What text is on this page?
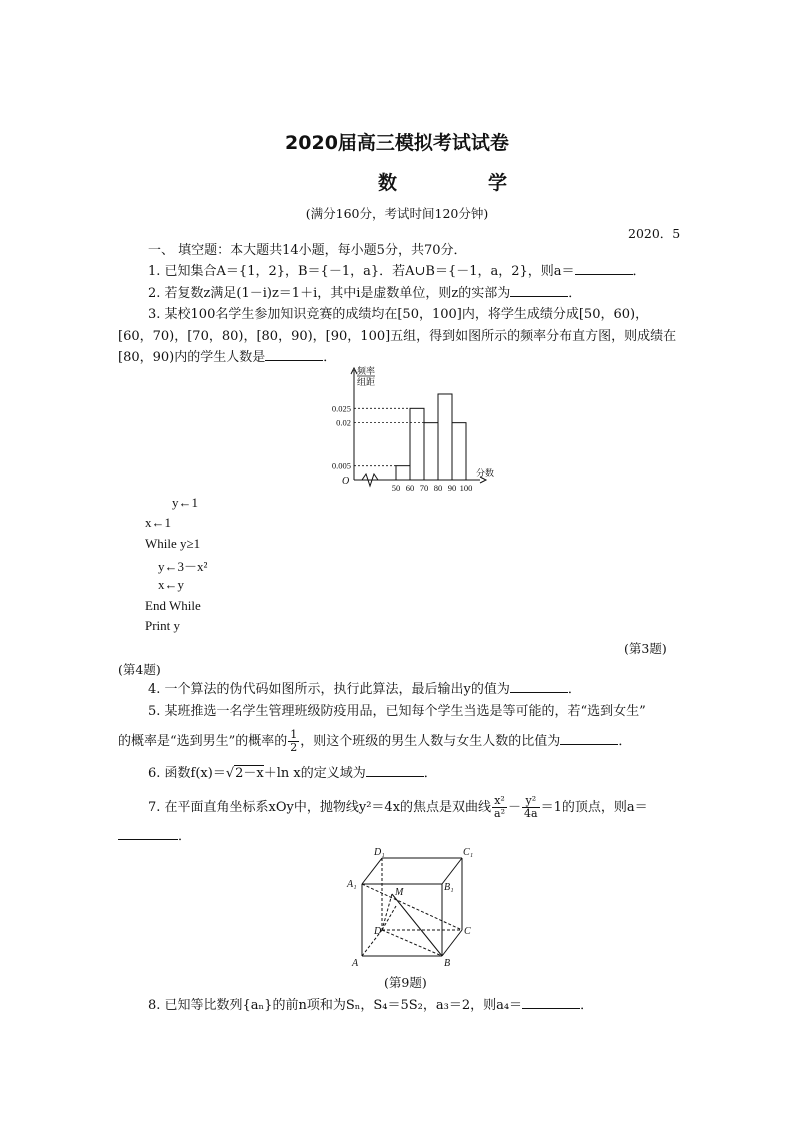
2020届高三模拟考试试卷
数　学
(满分160分，考试时间120分钟)
2020．5
一、 填空题：本大题共14小题，每小题5分，共70分．
1. 已知集合A＝{1，2}，B＝{－1，a}．若A∪B＝{－1，a，2}，则a＝	．
2. 若复数z满足(1－i)z＝1＋i，其中i是虚数单位，则z的实部为	．
3. 某校100名学生参加知识竞赛的成绩均在[50，100]内，将学生成绩分成[50，60)，
[60，70)，[70，80)，[80，90)，[90，100]五组，得到如图所示的频率分布直方图，则成绩在
[80，90)内的学生人数是	．
0.005
0.02
0.025
50 60 70 80 90 100
O
分数
频率
组距
y←1
x←1
While y≥1
y←3－x²
x←y
End While
Print y
(第3题)
(第4题)
4. 一个算法的伪代码如图所示，执行此算法，最后输出y的值为	．
5. 某班推选一名学生管理班级防疫用品，已知每个学生当选是等可能的，若“选到女生”
的概率是“选到男生”的概率的 $\frac{1}{2}$ ，则这个班级的男生人数与女生人数的比值为	．
6. 函数f(x)＝√2－x＋ln x的定义域为	．
7. 在平面直角坐标系xOy中，抛物线y²＝4x的焦点是双曲线 $\frac{\text{x²}}{\text{a²}} - \frac{\text{y²}}{4a} =1$的顶点，则a＝
．
D₁	C₁
A₁	B₁
M
D	C
A	B
(第9题)
8. 已知等比数列{aₙ}的前n项和为Sₙ，S₄＝5S₂，a₃＝2，则a₄＝	．
